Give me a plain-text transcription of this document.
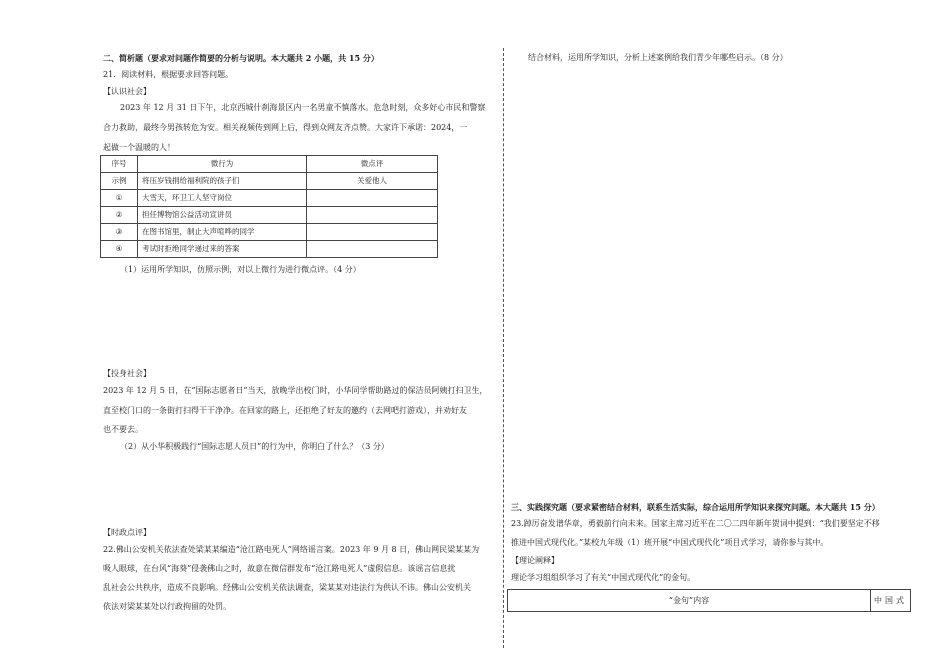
二、简析题（要求对问题作简要的分析与说明。本大题共 2 小题，共 15 分）
21．阅读材料，根据要求回答问题。
【认识社会】
2023 年 12 月 31 日下午，北京西城什刹海景区内一名男童不慎落水。危急时刻，众多好心市民和警察
合力救助，最终今男孩转危为安。相关视频传到网上后，得到众网友齐点赞。大家许下承诺：2024，一
起做一个温暖的人！
序号	微行为	微点评
示例	将压岁钱捐给福利院的孩子们	关爱他人
①	大雪天，环卫工人坚守岗位	
②	担任博物馆公益活动宣讲员	
③	在图书馆里，制止大声喧哗的同学	
④	考试时拒绝同学递过来的答案	
（1）运用所学知识，仿照示例，对以上微行为进行微点评。（4 分）
【投身社会】
2023 年 12 月 5 日，在“国际志愿者日”当天，放晚学出校门时，小华同学帮助路过的保洁员阿姨打扫卫生，
直至校门口的一条街打扫得干干净净。在回家的路上，还拒绝了好友的邀约（去网吧打游戏），并劝好友
也不要去。
（2）从小华积极践行“国际志愿人员日”的行为中，你明白了什么？（3 分）
【时政点评】
22.佛山公安机关依法查处梁某某编造“沧江路电死人”网络谣言案。2023 年 9 月 8 日，佛山网民梁某某为
吸人眼球，在台风“海葵”侵袭佛山之时，故意在微信群发布“沧江路电死人”虚假信息。该谣言信息扰
乱社会公共秩序，造成不良影响。经佛山公安机关依法调查，梁某某对违法行为供认不讳。佛山公安机关
依法对梁某某处以行政拘留的处罚。
结合材料，运用所学知识，分析上述案例给我们青少年哪些启示。（8 分）
三、实践探究题（要求紧密结合材料，联系生活实际，综合运用所学知识来探究问题。本大题共 15 分）
23.踔厉奋发谱华章，勇毅前行向未来。国家主席习近平在二〇二四年新年贺词中提到：“我们要坚定不移
推进中国式现代化。”某校九年级（1）班开展“中国式现代化”项目式学习，请你参与其中。
【理论阐释】
理论学习组组织学习了有关“中国式现代化”的金句。
“金句”内容	中国式
